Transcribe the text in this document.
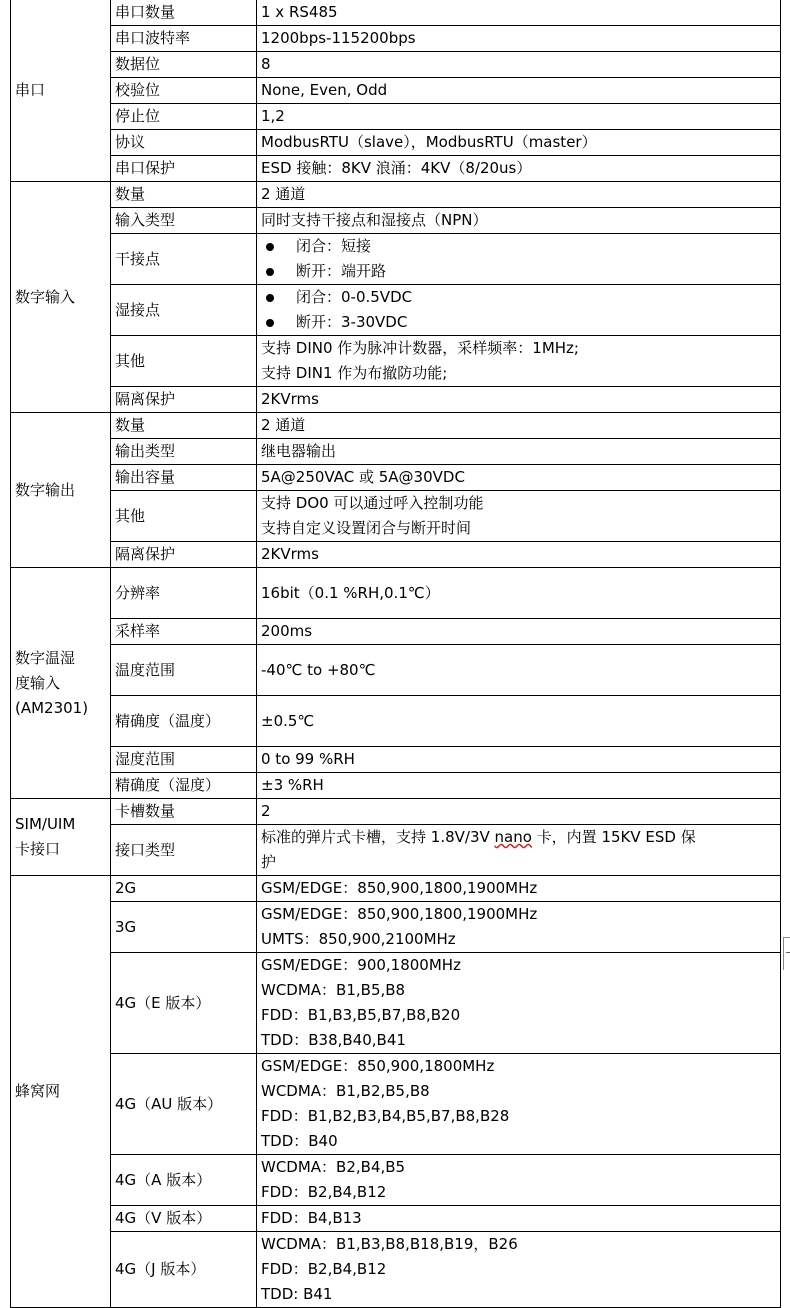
串口	串口数量	1 x RS485

	串口波特率	1200bps-115200bps

	数据位	8

	校验位	None, Even, Odd

	停止位	1,2

	协议	ModbusRTU（slave），ModbusRTU（master）

	串口保护	ESD 接触：8KV 浪涌：4KV（8/20us）

数字输入	数量	2 通道

	输入类型	同时支持干接点和湿接点（NPN）

	干接点	闭合：短接
断开：端开路

	湿接点	闭合：0-0.5VDC
断开：3-30VDC

	其他	支持 DIN0 作为脉冲计数器，采样频率：1MHz;
支持 DIN1 作为布撤防功能;

	隔离保护	2KVrms

数字输出	数量	2 通道

	输出类型	继电器输出

	输出容量	5A@250VAC 或 5A@30VDC

	其他	支持 DO0 可以通过呼入控制功能
支持自定义设置闭合与断开时间

	隔离保护	2KVrms

数字温湿
度输入
(AM2301)	分辨率	16bit（0.1 %RH,0.1℃）

	采样率	200ms

	温度范围	-40℃ to +80℃

	精确度（温度）	±0.5℃

	湿度范围	0 to 99 %RH

	精确度（湿度）	±3 %RH

SIM/UIM
卡接口	卡槽数量	2

	接口类型	标准的弹片式卡槽，支持 1.8V/3V nano 卡，内置 15KV ESD 保
护

蜂窝网	2G	GSM/EDGE：850,900,1800,1900MHz

	3G	GSM/EDGE：850,900,1800,1900MHz
UMTS：850,900,2100MHz

	4G（E 版本）	GSM/EDGE：900,1800MHz
WCDMA：B1,B5,B8
FDD：B1,B3,B5,B7,B8,B20
TDD：B38,B40,B41

	4G（AU 版本）	GSM/EDGE：850,900,1800MHz
WCDMA：B1,B2,B5,B8
FDD：B1,B2,B3,B4,B5,B7,B8,B28
TDD：B40

	4G（A 版本）	WCDMA：B2,B4,B5
FDD：B2,B4,B12

	4G（V 版本）	FDD：B4,B13

	4G（J 版本）	WCDMA：B1,B3,B8,B18,B19，B26
FDD：B2,B4,B12
TDD: B41
